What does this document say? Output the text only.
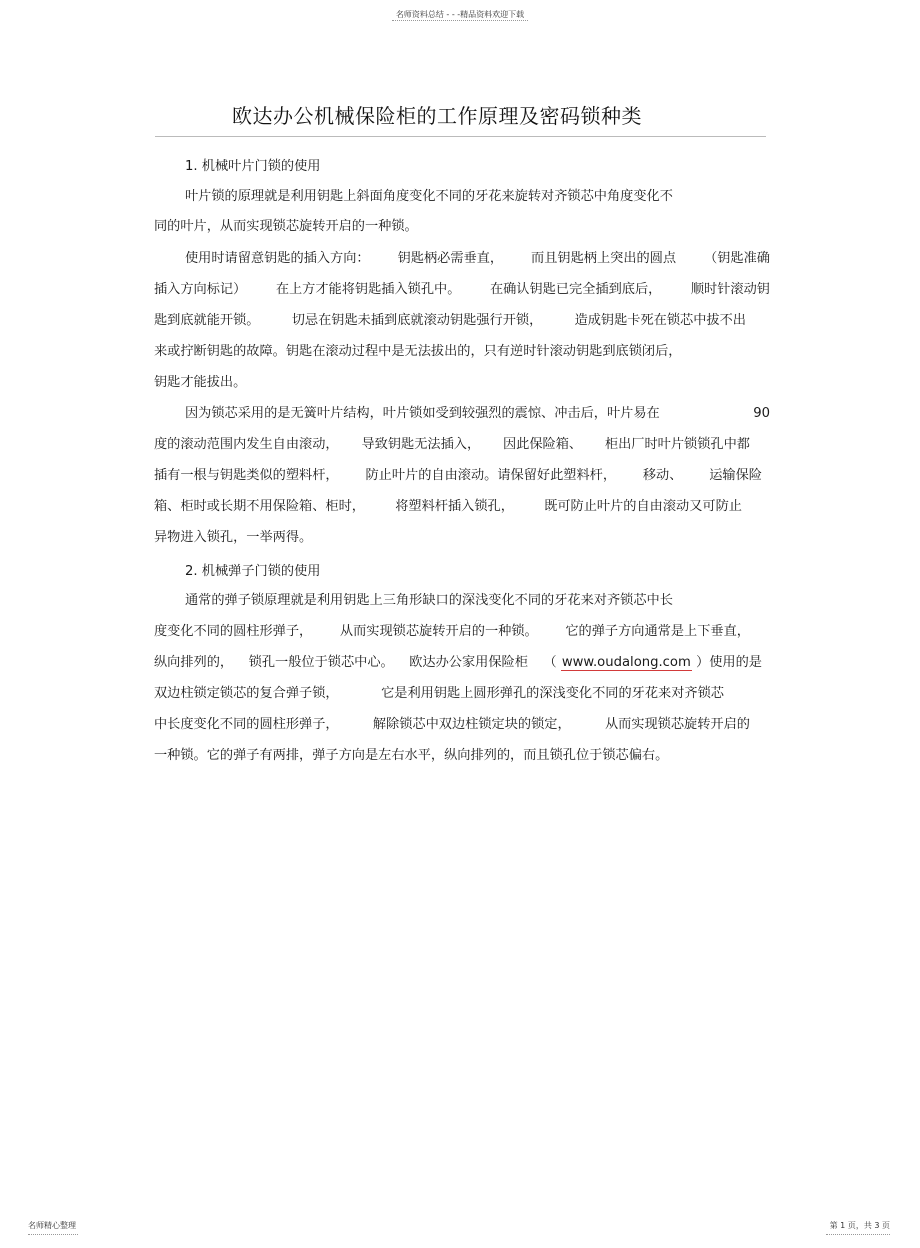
名师资料总结 - - -精品资料欢迎下载
欧达办公机械保险柜的工作原理及密码锁种类
1. 机械叶片门锁的使用
叶片锁的原理就是利用钥匙上斜面角度变化不同的牙花来旋转对齐锁芯中角度变化不
同的叶片，从而实现锁芯旋转开启的一种锁。
使用时请留意钥匙的插入方向： 钥匙柄必需垂直， 而且钥匙柄上突出的圆点 （钥匙准确
插入方向标记） 在上方才能将钥匙插入锁孔中。 在确认钥匙已完全插到底后， 顺时针滚动钥
匙到底就能开锁。 切忌在钥匙未插到底就滚动钥匙强行开锁， 造成钥匙卡死在锁芯中拔不出
来或拧断钥匙的故障。钥匙在滚动过程中是无法拔出的，只有逆时针滚动钥匙到底锁闭后，
钥匙才能拔出。
因为锁芯采用的是无簧叶片结构，叶片锁如受到较强烈的震惊、冲击后，叶片易在	90
度的滚动范围内发生自由滚动， 导致钥匙无法插入， 因此保险箱、 柜出厂时叶片锁锁孔中都
插有一根与钥匙类似的塑料杆， 防止叶片的自由滚动。请保留好此塑料杆， 移动、 运输保险
箱、柜时或长期不用保险箱、柜时， 将塑料杆插入锁孔， 既可防止叶片的自由滚动又可防止
异物进入锁孔，一举两得。
2. 机械弹子门锁的使用
通常的弹子锁原理就是利用钥匙上三角形缺口的深浅变化不同的牙花来对齐锁芯中长
度变化不同的圆柱形弹子， 从而实现锁芯旋转开启的一种锁。 它的弹子方向通常是上下垂直，
纵向排列的， 锁孔一般位于锁芯中心。 欧达办公家用保险柜 （ www.oudalong.com ）使用的是
双边柱锁定锁芯的复合弹子锁，	它是利用钥匙上圆形弹孔的深浅变化不同的牙花来对齐锁芯
中长度变化不同的圆柱形弹子，	解除锁芯中双边柱锁定块的锁定，	从而实现锁芯旋转开启的
一种锁。它的弹子有两排，弹子方向是左右水平，纵向排列的，而且锁孔位于锁芯偏右。
名师精心整理	第 1 页，共 3 页
